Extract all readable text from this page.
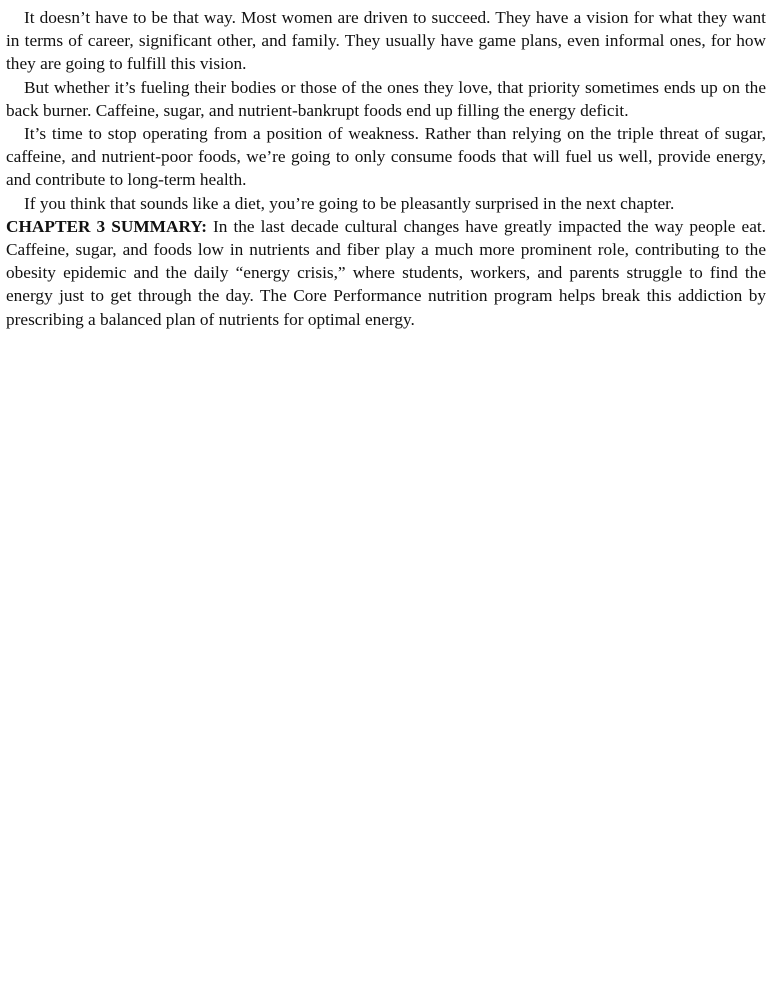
It doesn’t have to be that way. Most women are driven to succeed. They have a vision for what they want in terms of career, significant other, and family. They usually have game plans, even informal ones, for how they are going to fulfill this vision.

But whether it’s fueling their bodies or those of the ones they love, that priority sometimes ends up on the back burner. Caffeine, sugar, and nutrient-bankrupt foods end up filling the energy deficit.

It’s time to stop operating from a position of weakness. Rather than relying on the triple threat of sugar, caffeine, and nutrient-poor foods, we’re going to only consume foods that will fuel us well, provide energy, and contribute to long-term health.

If you think that sounds like a diet, you’re going to be pleasantly surprised in the next chapter.

CHAPTER 3 SUMMARY: In the last decade cultural changes have greatly impacted the way people eat. Caffeine, sugar, and foods low in nutrients and fiber play a much more prominent role, contributing to the obesity epidemic and the daily “energy crisis,” where students, workers, and parents struggle to find the energy just to get through the day. The Core Performance nutrition program helps break this addiction by prescribing a balanced plan of nutrients for optimal energy.
